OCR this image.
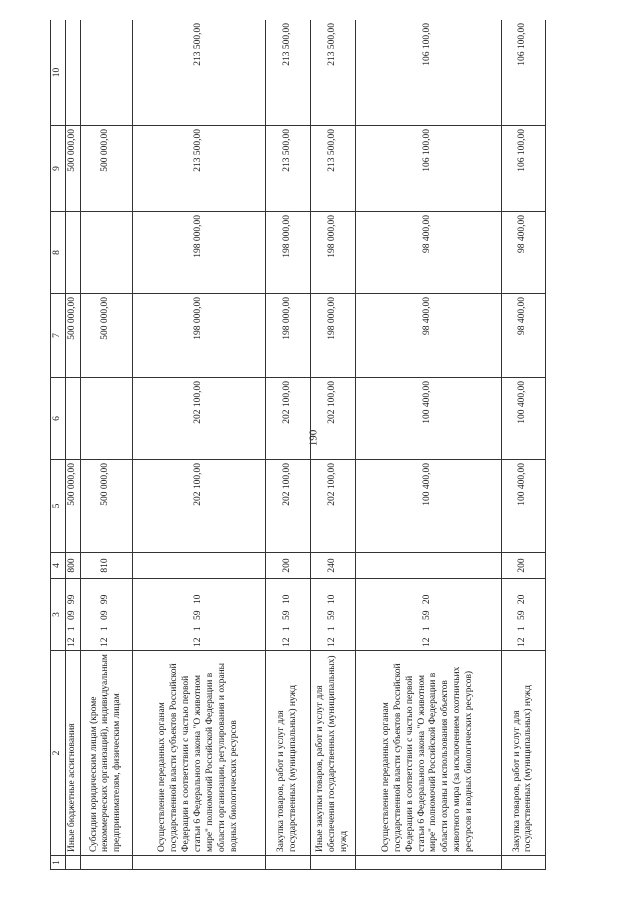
190
1	2	3	4	5	6	7	8	9	10
	Иные бюджетные ассигнования	12 1 09 99	800	500 000,00		500 000,00		500 000,00	
	Субсидии юридическим лицам (кроме некоммерческих организаций), индивидуальным предпринимателям, физическим лицам	12 1 09 99	810	500 000,00		500 000,00		500 000,00	
	Осуществление переданных органам государственной власти субъектов Российской Федерации в соответствии с частью первой статьи 6 Федерального закона "О животном мире" полномочий Российской Федерации в области организации, регулирования и охраны водных биологических ресурсов	12 1 59 10		202 100,00	202 100,00	198 000,00	198 000,00	213 500,00	213 500,00
	Закупка товаров, работ и услуг для государственных (муниципальных) нужд	12 1 59 10	200	202 100,00	202 100,00	198 000,00	198 000,00	213 500,00	213 500,00
	Иные закупки товаров, работ и услуг для обеспечения государственных (муниципальных) нужд	12 1 59 10	240	202 100,00	202 100,00	198 000,00	198 000,00	213 500,00	213 500,00
	Осуществление переданных органам государственной власти субъектов Российской Федерации в соответствии с частью первой статьи 6 Федерального закона "О животном мире" полномочий Российской Федерации в области охраны и использования объектов животного мира (за исключением охотничьих ресурсов и водных биологических ресурсов)	12 1 59 20		100 400,00	100 400,00	98 400,00	98 400,00	106 100,00	106 100,00
	Закупка товаров, работ и услуг для государственных (муниципальных) нужд	12 1 59 20	200	100 400,00	100 400,00	98 400,00	98 400,00	106 100,00	106 100,00
